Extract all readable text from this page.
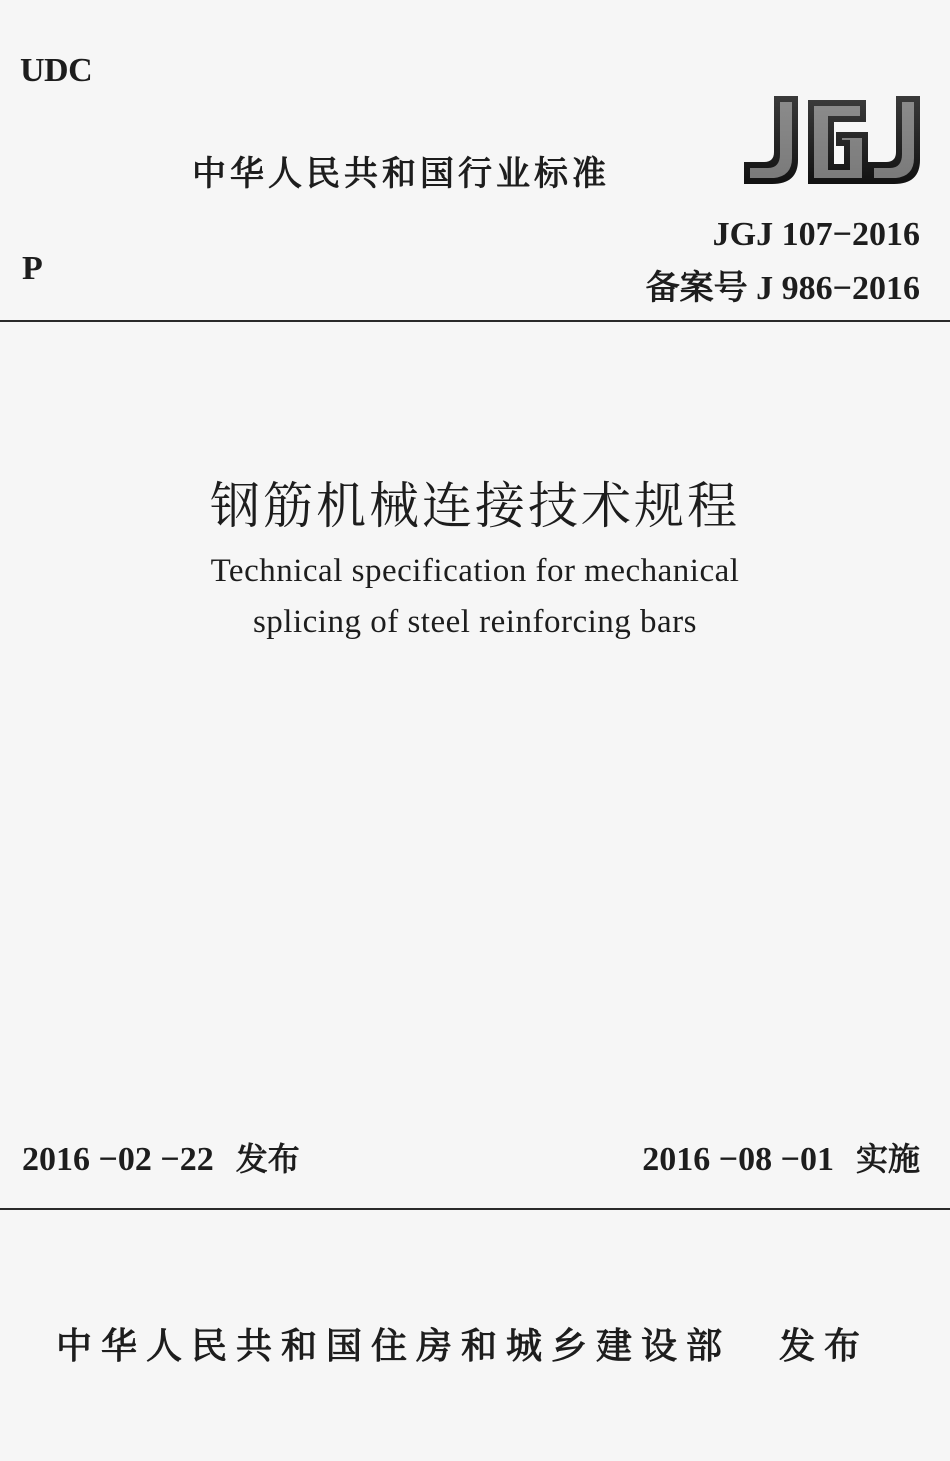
UDC
中华人民共和国行业标准
P
JGJ 107−2016
备案号 J 986−2016
钢筋机械连接技术规程
Technical specification for mechanical
splicing of steel reinforcing bars
2016 −02 −22 发布	2016 −08 −01 实施
中华人民共和国住房和城乡建设部 发布
